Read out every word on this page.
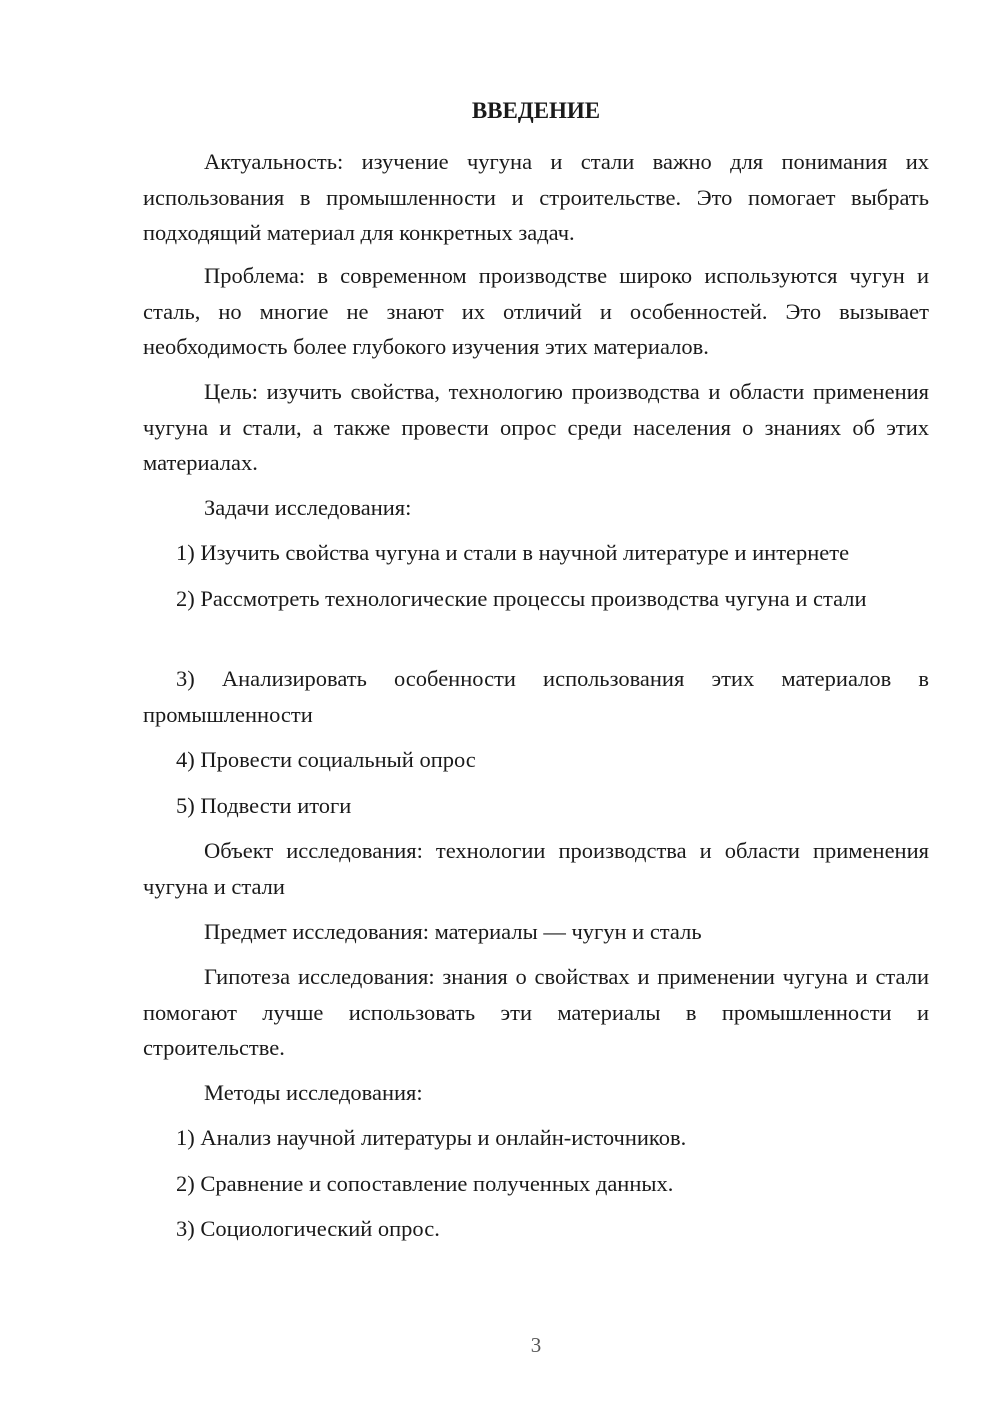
ВВЕДЕНИЕ

Актуальность: изучение чугуна и стали важно для понимания их использования в промышленности и строительстве. Это помогает выбрать подходящий материал для конкретных задач.

Проблема: в современном производстве широко используются чугун и сталь, но многие не знают их отличий и особенностей. Это вызывает необходимость более глубокого изучения этих материалов.

Цель: изучить свойства, технологию производства и области применения чугуна и стали, а также провести опрос среди населения о знаниях об этих материалах.

Задачи исследования:

1) Изучить свойства чугуна и стали в научной литературе и интернете

2) Рассмотреть технологические процессы производства чугуна и стали

3) Анализировать особенности использования этих материалов в промышленности

4) Провести социальный опрос

5) Подвести итоги

Объект исследования: технологии производства и области применения чугуна и стали

Предмет исследования: материалы — чугун и сталь

Гипотеза исследования: знания о свойствах и применении чугуна и стали помогают лучше использовать эти материалы в промышленности и строительстве.

Методы исследования:

1) Анализ научной литературы и онлайн-источников.

2) Сравнение и сопоставление полученных данных.

3) Социологический опрос.

3
